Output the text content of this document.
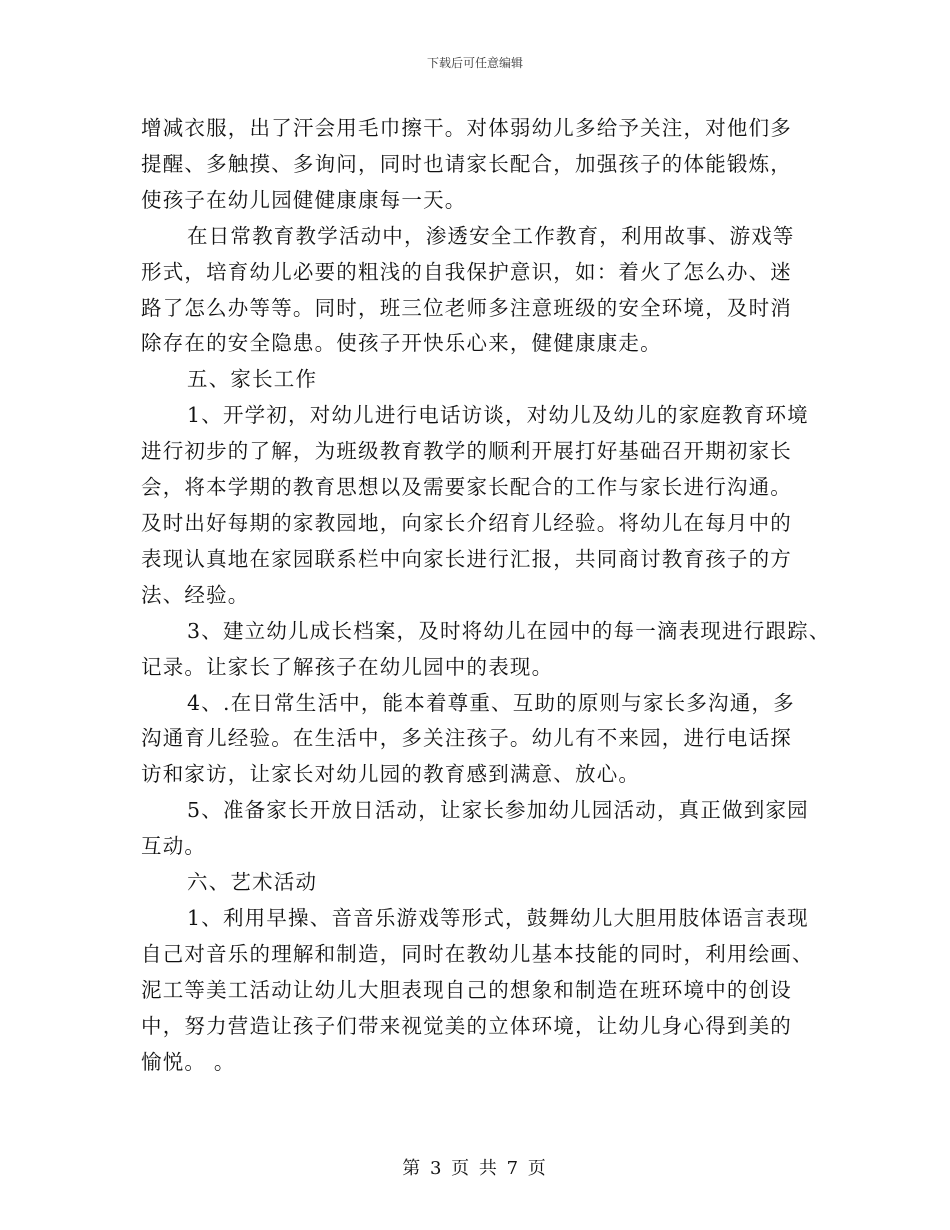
下载后可任意编辑

增减衣服，出了汗会用毛巾擦干。对体弱幼儿多给予关注，对他们多

提醒、多触摸、多询问，同时也请家长配合，加强孩子的体能锻炼，

使孩子在幼儿园健健康康每一天。

在日常教育教学活动中，渗透安全工作教育，利用故事、游戏等

形式，培育幼儿必要的粗浅的自我保护意识，如：着火了怎么办、迷

路了怎么办等等。同时，班三位老师多注意班级的安全环境，及时消

除存在的安全隐患。使孩子开快乐心来，健健康康走。

五、家长工作

1、开学初，对幼儿进行电话访谈，对幼儿及幼儿的家庭教育环境

进行初步的了解，为班级教育教学的顺利开展打好基础召开期初家长

会，将本学期的教育思想以及需要家长配合的工作与家长进行沟通。

及时出好每期的家教园地，向家长介绍育儿经验。将幼儿在每月中的

表现认真地在家园联系栏中向家长进行汇报，共同商讨教育孩子的方

法、经验。

3、建立幼儿成长档案，及时将幼儿在园中的每一滴表现进行跟踪、

记录。让家长了解孩子在幼儿园中的表现。

4、.在日常生活中，能本着尊重、互助的原则与家长多沟通，多

沟通育儿经验。在生活中，多关注孩子。幼儿有不来园，进行电话探

访和家访，让家长对幼儿园的教育感到满意、放心。

5、准备家长开放日活动，让家长参加幼儿园活动，真正做到家园

互动。

六、艺术活动

1、利用早操、音音乐游戏等形式，鼓舞幼儿大胆用肢体语言表现

自己对音乐的理解和制造，同时在教幼儿基本技能的同时，利用绘画、

泥工等美工活动让幼儿大胆表现自己的想象和制造在班环境中的创设

中，努力营造让孩子们带来视觉美的立体环境，让幼儿身心得到美的

愉悦。 。

第 3 页 共 7 页
